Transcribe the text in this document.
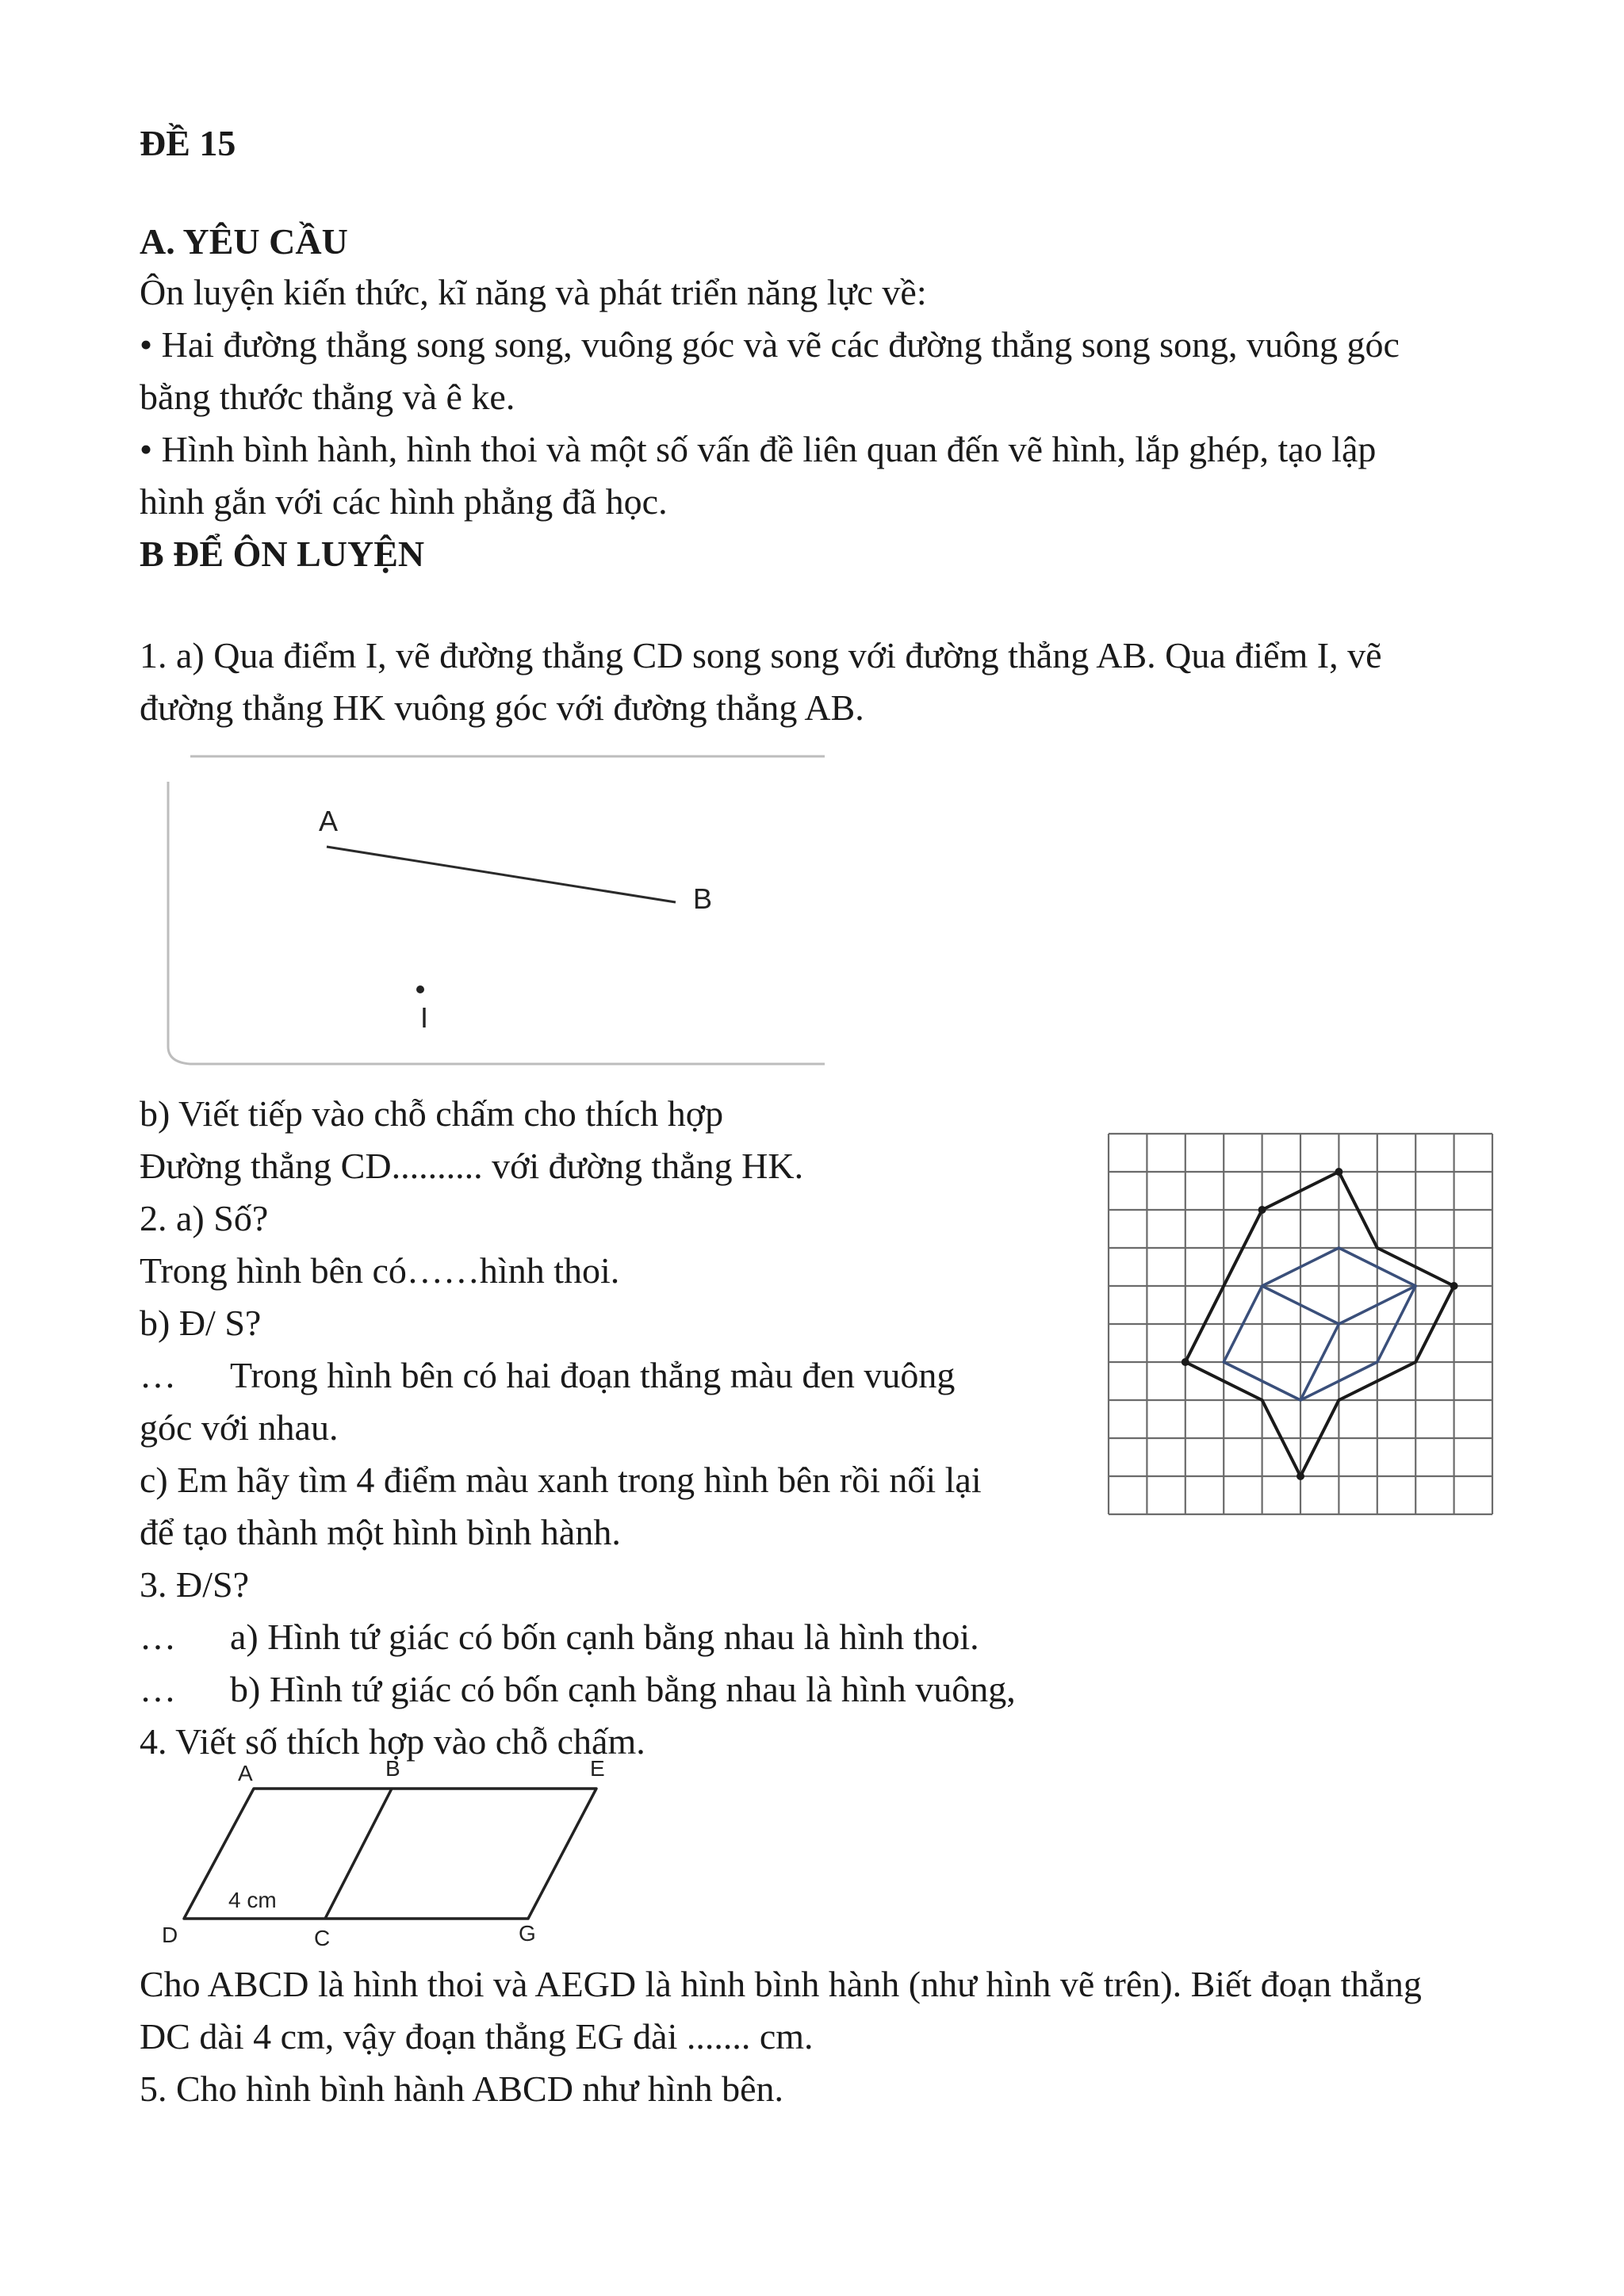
ĐỀ 15
A. YÊU CẦU
Ôn luyện kiến thức, kĩ năng và phát triển năng lực về:
• Hai đường thẳng song song, vuông góc và vẽ các đường thẳng song song, vuông góc
bằng thước thẳng và ê ke.
• Hình bình hành, hình thoi và một số vấn đề liên quan đến vẽ hình, lắp ghép, tạo lập
hình gắn với các hình phẳng đã học.
B ĐỂ ÔN LUYỆN
1. a) Qua điểm I, vẽ đường thẳng CD song song với đường thẳng AB. Qua điểm I, vẽ
đường thẳng HK vuông góc với đường thẳng AB.
A
B
I
b) Viết tiếp vào chỗ chấm cho thích hợp
Đường thẳng CD.......... với đường thẳng HK.
2. a) Số?
Trong hình bên có……hình thoi.
b) Đ/ S?
… Trong hình bên có hai đoạn thẳng màu đen vuông
góc với nhau.
c) Em hãy tìm 4 điểm màu xanh trong hình bên rồi nối lại
để tạo thành một hình bình hành.
3. Đ/S?
… a) Hình tứ giác có bốn cạnh bằng nhau là hình thoi.
… b) Hình tứ giác có bốn cạnh bằng nhau là hình vuông,
4. Viết số thích hợp vào chỗ chấm.
A	B	E
D	C	G
4 cm
Cho ABCD là hình thoi và AEGD là hình bình hành (như hình vẽ trên). Biết đoạn thẳng
DC dài 4 cm, vậy đoạn thẳng EG dài ....... cm.
5. Cho hình bình hành ABCD như hình bên.
